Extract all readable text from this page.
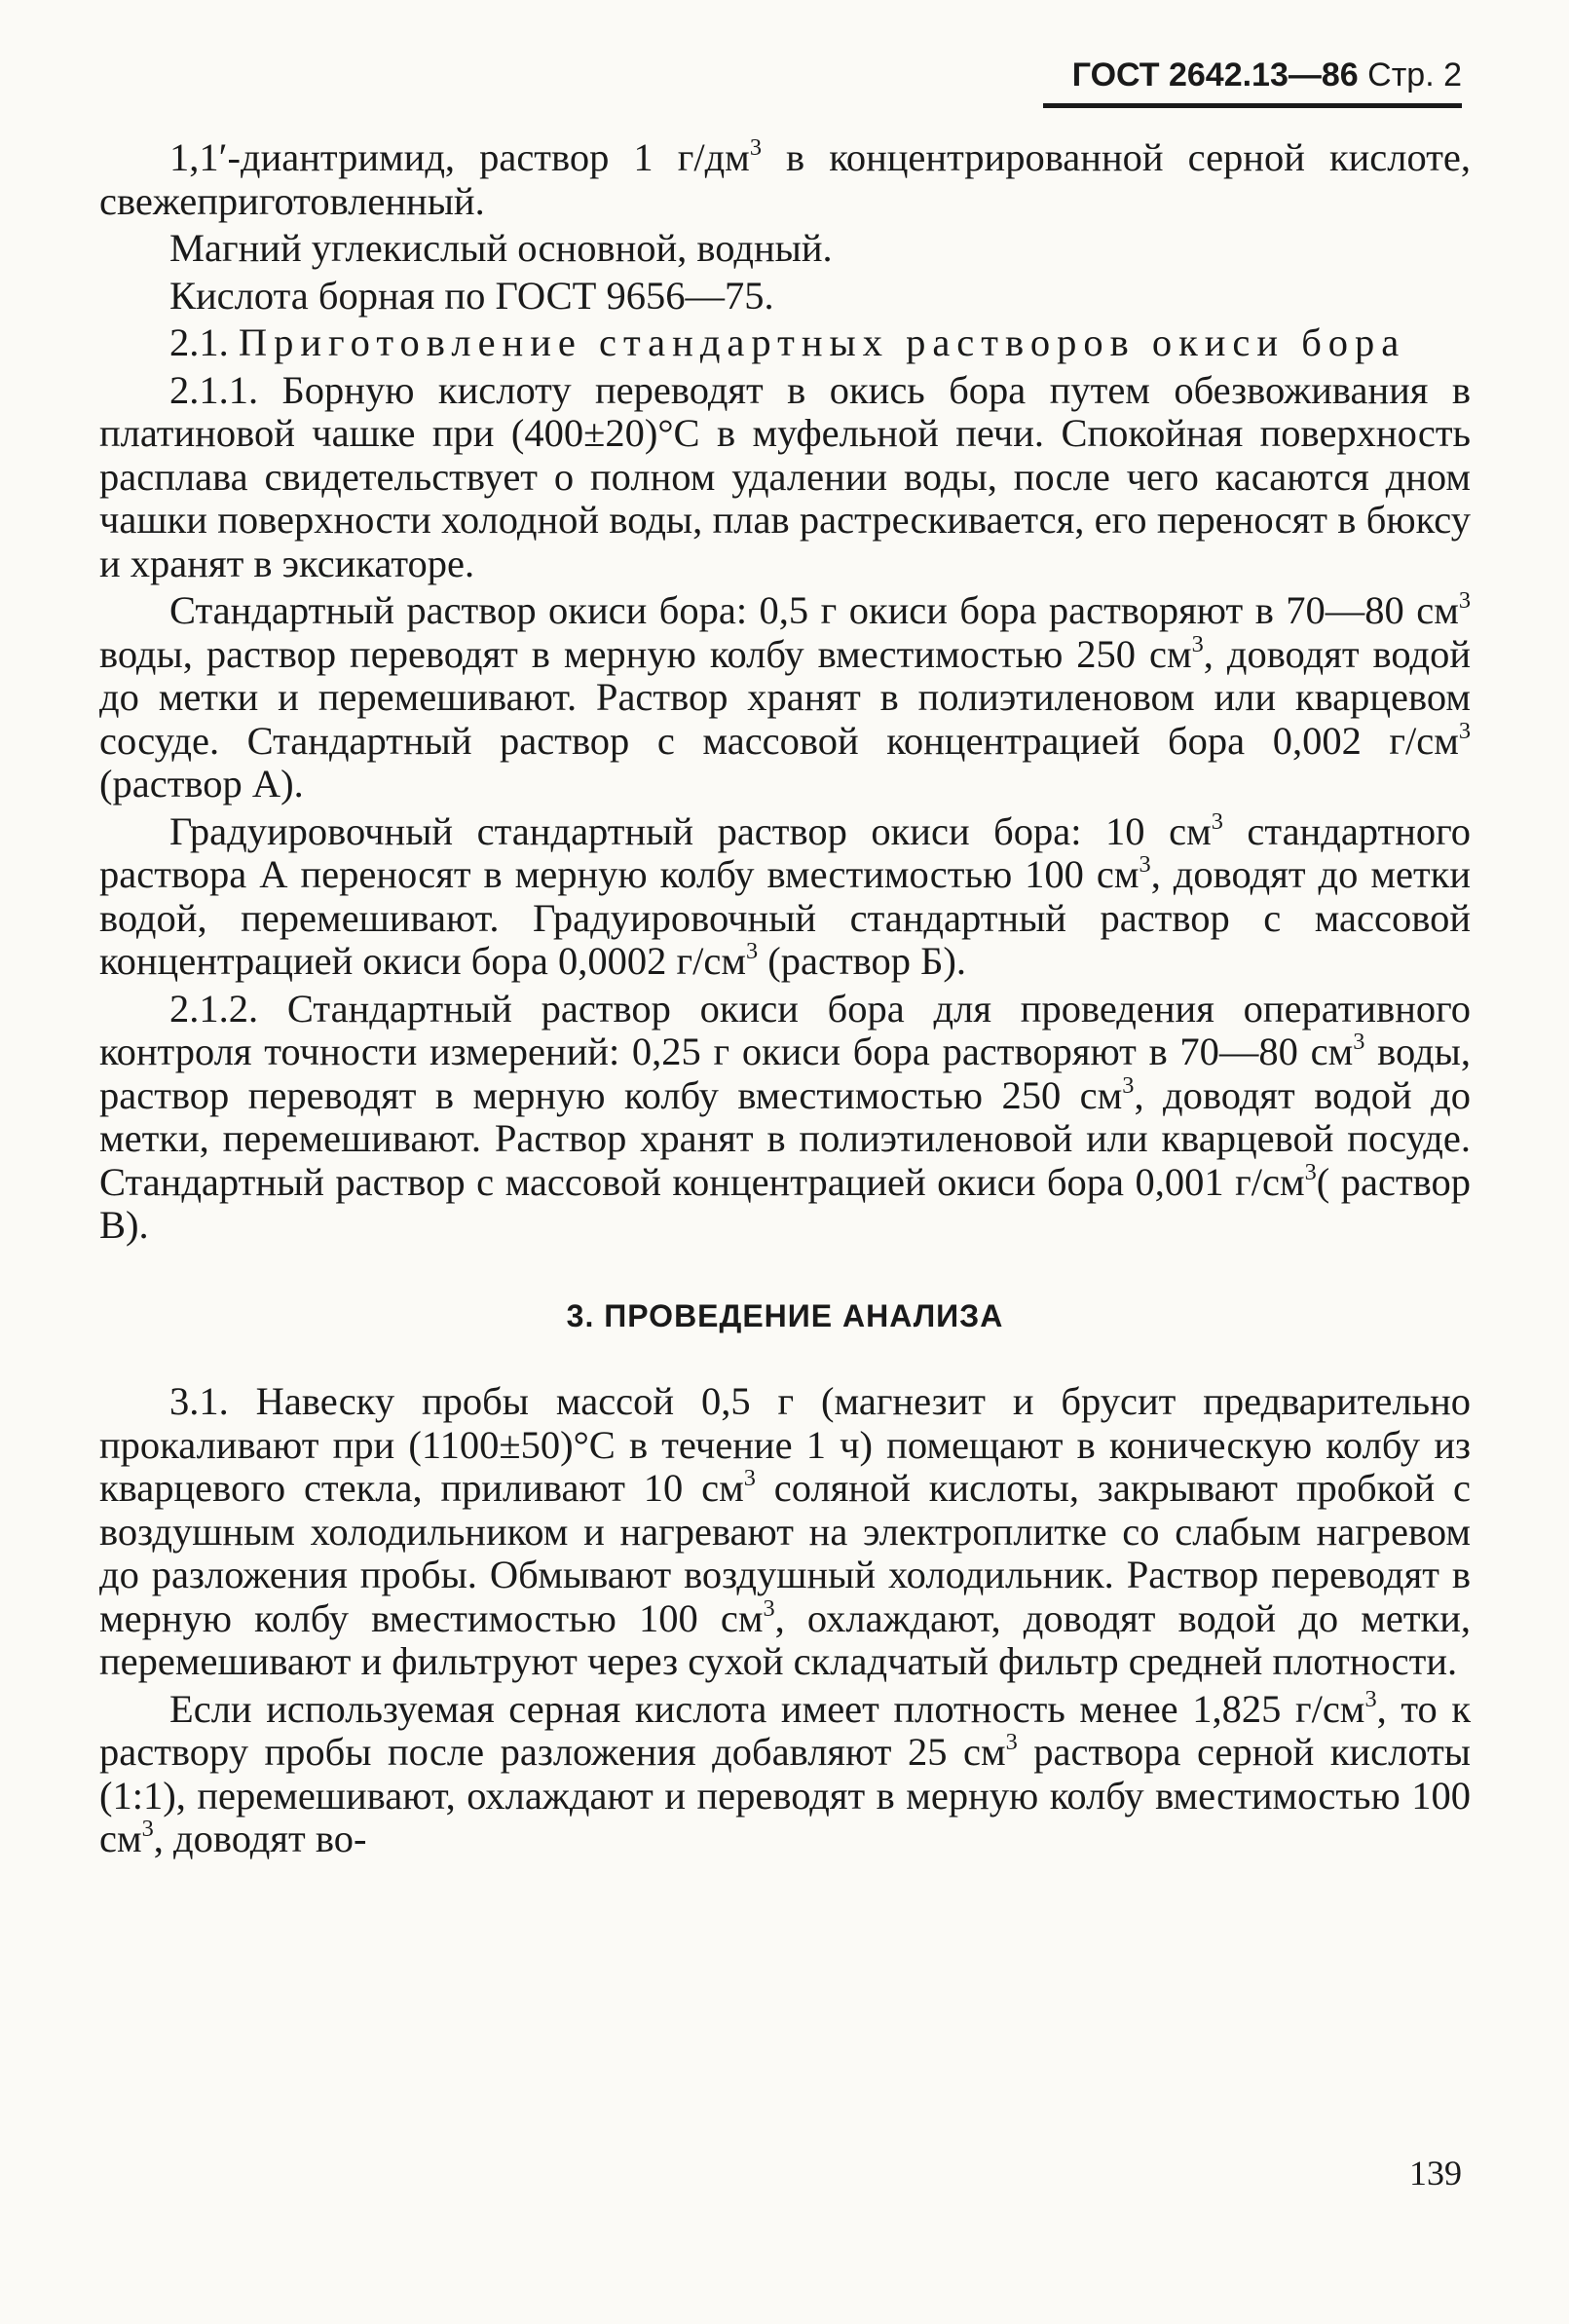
ГОСТ 2642.13—86 Стр. 2

1,1′-диантримид, раствор 1 $г/дм^3$ в концентрированной серной кислоте, свежеприготовленный.

Магний углекислый основной, водный.

Кислота борная по ГОСТ 9656—75.

2.1. Приготовление стандартных растворов окиси бора

2.1.1. Борную кислоту переводят в окись бора путем обезвоживания в платиновой чашке при (400±20)°С в муфельной печи. Спокойная поверхность расплава свидетельствует о полном удалении воды, после чего касаются дном чашки поверхности холодной воды, плав растрескивается, его переносят в бюксу и хранят в эксикаторе.

Стандартный раствор окиси бора: 0,5 г окиси бора растворяют в 70—80 $см^3$ воды, раствор переводят в мерную колбу вместимостью 250 $см^3$, доводят водой до метки и перемешивают. Раствор хранят в полиэтиленовом или кварцевом сосуде. Стандартный раствор с массовой концентрацией бора 0,002 $г/см^3$ (раствор А).

Градуировочный стандартный раствор окиси бора: 10 $см^3$ стандартного раствора А переносят в мерную колбу вместимостью 100 $см^3$, доводят до метки водой, перемешивают. Градуировочный стандартный раствор с массовой концентрацией окиси бора 0,0002 $г/см^3$ (раствор Б).

2.1.2. Стандартный раствор окиси бора для проведения оперативного контроля точности измерений: 0,25 г окиси бора растворяют в 70—80 $см^3$ воды, раствор переводят в мерную колбу вместимостью 250 $см^3$, доводят водой до метки, перемешивают. Раствор хранят в полиэтиленовой или кварцевой посуде. Стандартный раствор с массовой концентрацией окиси бора 0,001 $г/см^3$( раствор В).

3. ПРОВЕДЕНИЕ АНАЛИЗА

3.1. Навеску пробы массой 0,5 г (магнезит и брусит предварительно прокаливают при (1100±50)°С в течение 1 ч) помещают в коническую колбу из кварцевого стекла, приливают 10 $см^3$ соляной кислоты, закрывают пробкой с воздушным холодильником и нагревают на электроплитке со слабым нагревом до разложения пробы. Обмывают воздушный холодильник. Раствор переводят в мерную колбу вместимостью 100 $см^3$, охлаждают, доводят водой до метки, перемешивают и фильтруют через сухой складчатый фильтр средней плотности.

Если используемая серная кислота имеет плотность менее 1,825 $г/см^3$, то к раствору пробы после разложения добавляют 25 $см^3$ раствора серной кислоты (1:1), перемешивают, охлаждают и переводят в мерную колбу вместимостью 100 $см^3$, доводят во-

139
